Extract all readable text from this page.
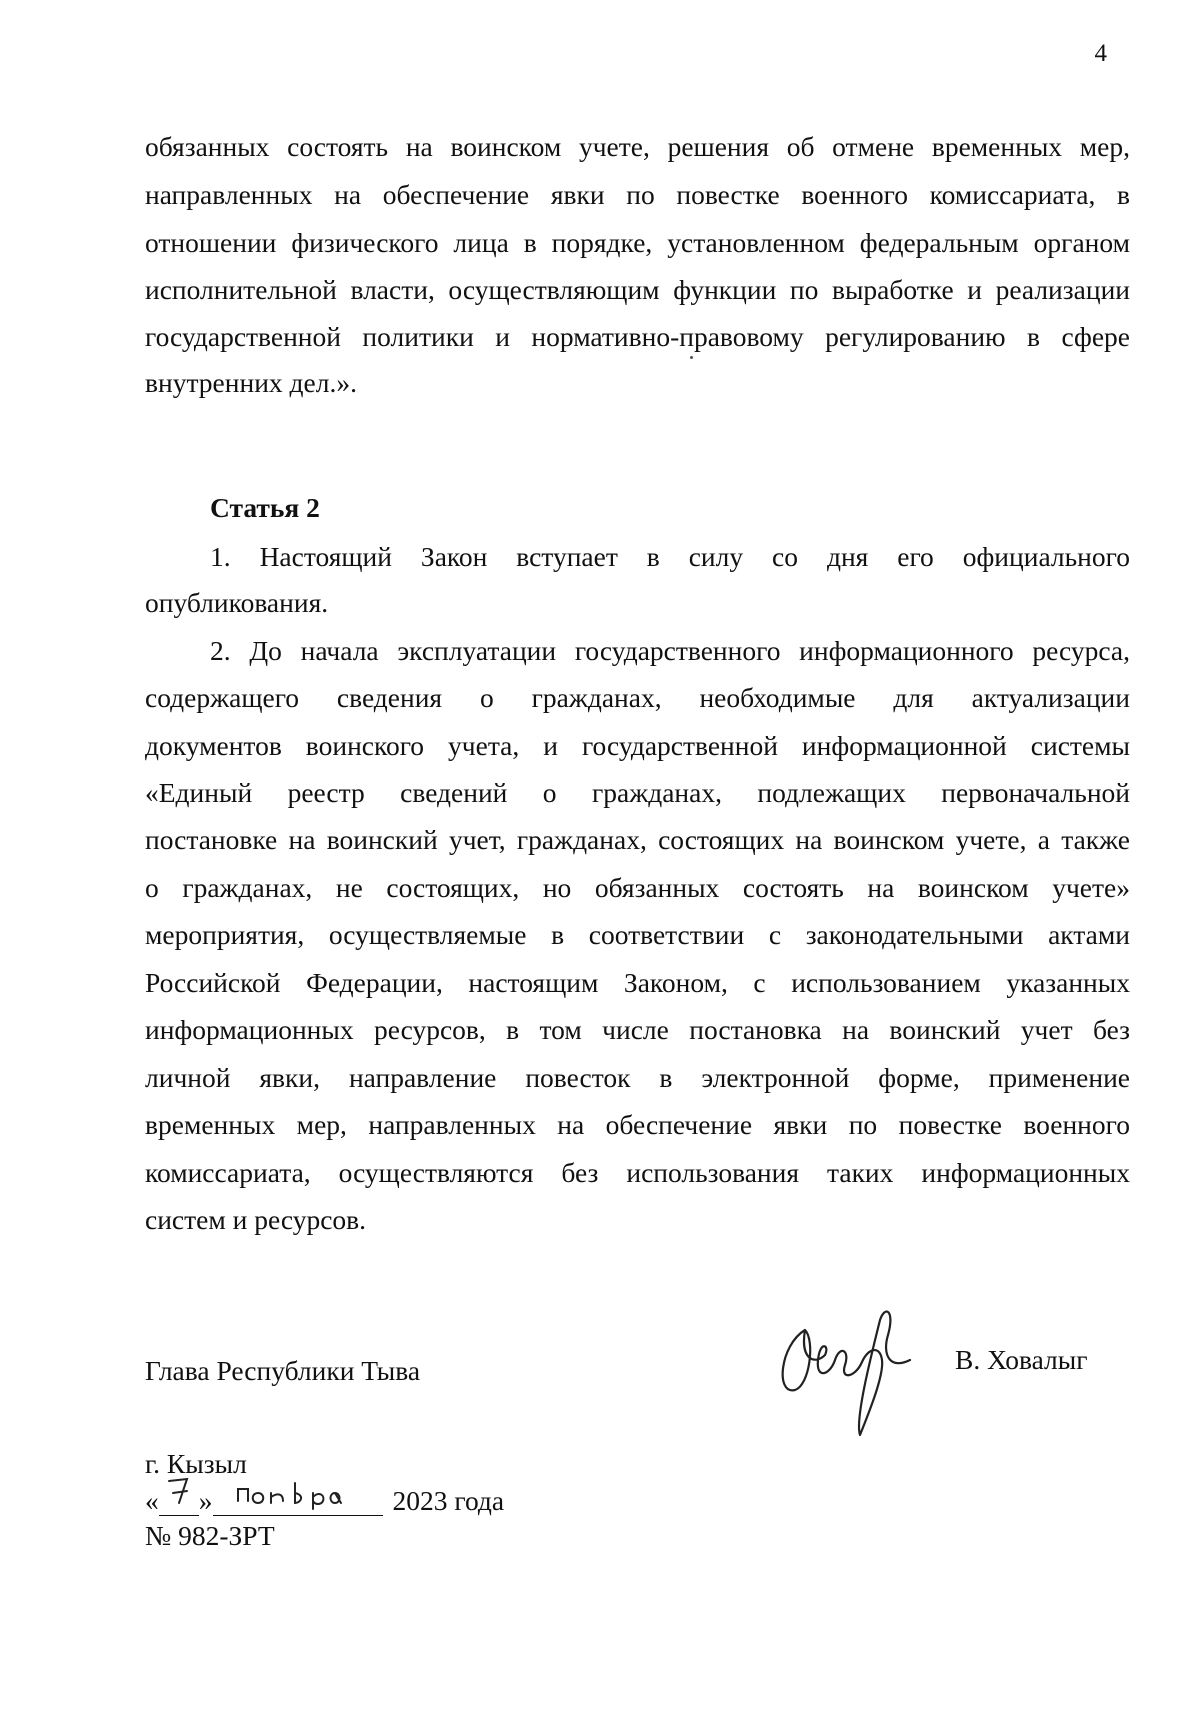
4
обязанных состоять на воинском учете, решения об отмене временных мер,
направленных на обеспечение явки по повестке военного комиссариата, в
отношении физического лица в порядке, установленном федеральным органом
исполнительной власти, осуществляющим функции по выработке и реализации
государственной политики и нормативно-правовому регулированию в сфере
внутренних дел.».
Статья 2
1. Настоящий Закон вступает в силу со дня его официального
опубликования.
2. До начала эксплуатации государственного информационного ресурса,
содержащего сведения о гражданах, необходимые для актуализации
документов воинского учета, и государственной информационной системы
«Единый реестр сведений о гражданах, подлежащих первоначальной
постановке на воинский учет, гражданах, состоящих на воинском учете, а также
о гражданах, не состоящих, но обязанных состоять на воинском учете»
мероприятия, осуществляемые в соответствии с законодательными актами
Российской Федерации, настоящим Законом, с использованием указанных
информационных ресурсов, в том числе постановка на воинский учет без
личной явки, направление повесток в электронной форме, применение
временных мер, направленных на обеспечение явки по повестке военного
комиссариата, осуществляются без использования таких информационных
систем и ресурсов.
Глава Республики Тыва	В. Ховалыг
г. Кызыл
« »	2023 года
№ 982-ЗРТ
